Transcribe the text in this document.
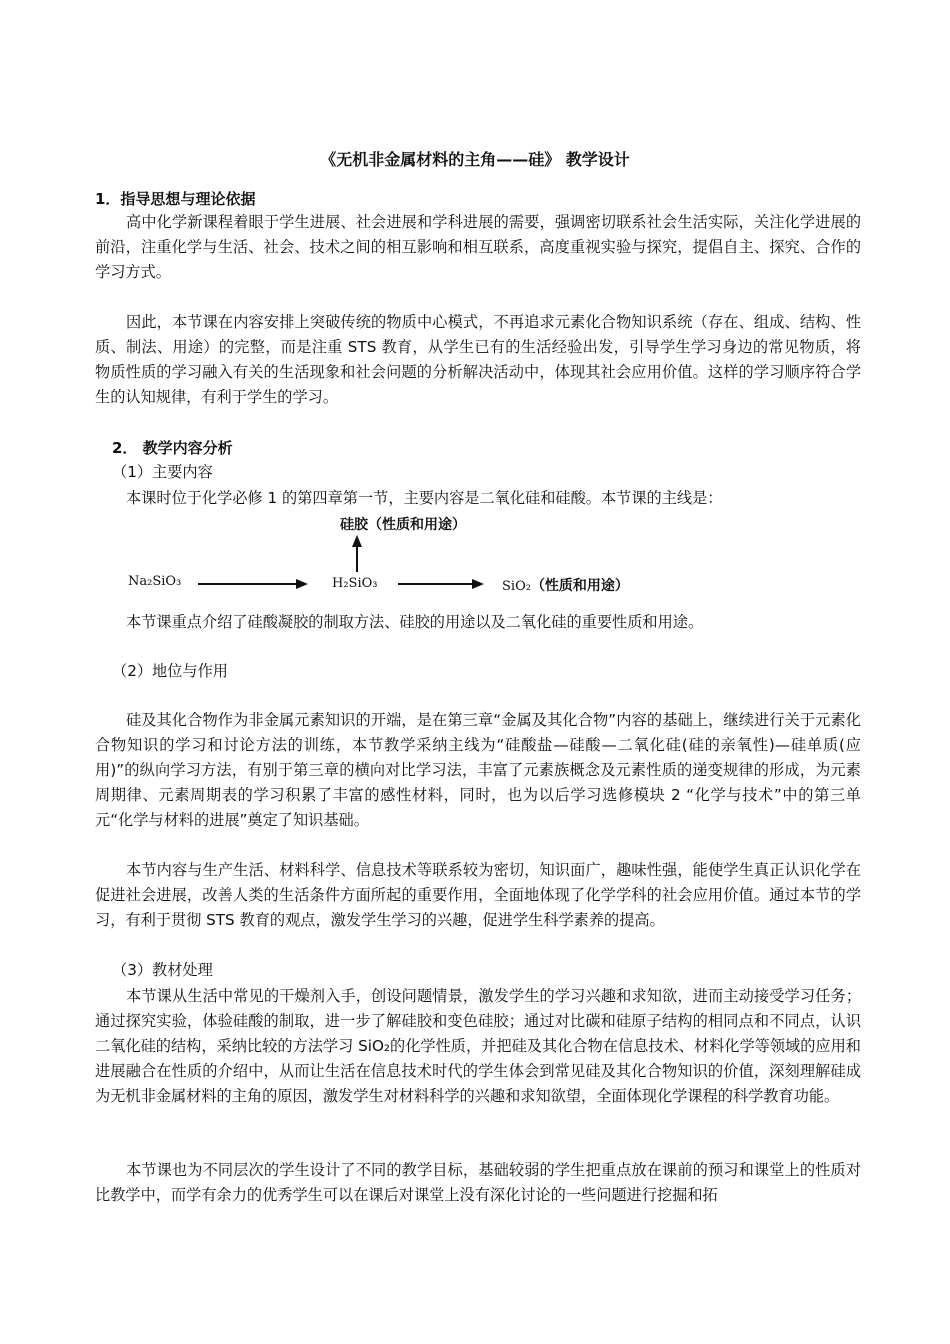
《无机非金属材料的主角——硅》 教学设计
1．指导思想与理论依据

高中化学新课程着眼于学生进展、社会进展和学科进展的需要，强调密切联系社会生活实际，关注化学进展的前沿，注重化学与生活、社会、技术之间的相互影响和相互联系，高度重视实验与探究，提倡自主、探究、合作的学习方式。

因此，本节课在内容安排上突破传统的物质中心模式，不再追求元素化合物知识系统（存在、组成、结构、性质、制法、用途）的完整，而是注重 STS 教育，从学生已有的生活经验出发，引导学生学习身边的常见物质，将物质性质的学习融入有关的生活现象和社会问题的分析解决活动中，体现其社会应用价值。这样的学习顺序符合学生的认知规律，有利于学生的学习。

2． 教学内容分析
（1）主要内容
本课时位于化学必修 1 的第四章第一节，主要内容是二氧化硅和硅酸。本节课的主线是：
硅胶（性质和用途）
Na₂SiO₃	H₂SiO₃	SiO₂（性质和用途）
本节课重点介绍了硅酸凝胶的制取方法、硅胶的用途以及二氧化硅的重要性质和用途。
（2）地位与作用

硅及其化合物作为非金属元素知识的开端，是在第三章“金属及其化合物”内容的基础上，继续进行关于元素化合物知识的学习和讨论方法的训练，本节教学采纳主线为“硅酸盐—硅酸—二氧化硅(硅的亲氧性)—硅单质(应用)”的纵向学习方法，有别于第三章的横向对比学习法，丰富了元素族概念及元素性质的递变规律的形成，为元素周期律、元素周期表的学习积累了丰富的感性材料，同时，也为以后学习选修模块 2 “化学与技术”中的第三单元“化学与材料的进展”奠定了知识基础。

本节内容与生产生活、材料科学、信息技术等联系较为密切，知识面广，趣味性强，能使学生真正认识化学在促进社会进展，改善人类的生活条件方面所起的重要作用，全面地体现了化学学科的社会应用价值。通过本节的学习，有利于贯彻 STS 教育的观点，激发学生学习的兴趣，促进学生科学素养的提高。

（3）教材处理

本节课从生活中常见的干燥剂入手，创设问题情景，激发学生的学习兴趣和求知欲，进而主动接受学习任务；通过探究实验，体验硅酸的制取，进一步了解硅胶和变色硅胶；通过对比碳和硅原子结构的相同点和不同点，认识二氧化硅的结构，采纳比较的方法学习 SiO₂的化学性质，并把硅及其化合物在信息技术、材料化学等领域的应用和进展融合在性质的介绍中，从而让生活在信息技术时代的学生体会到常见硅及其化合物知识的价值，深刻理解硅成为无机非金属材料的主角的原因，激发学生对材料科学的兴趣和求知欲望，全面体现化学课程的科学教育功能。

本节课也为不同层次的学生设计了不同的教学目标，基础较弱的学生把重点放在课前的预习和课堂上的性质对比教学中，而学有余力的优秀学生可以在课后对课堂上没有深化讨论的一些问题进行挖掘和拓
